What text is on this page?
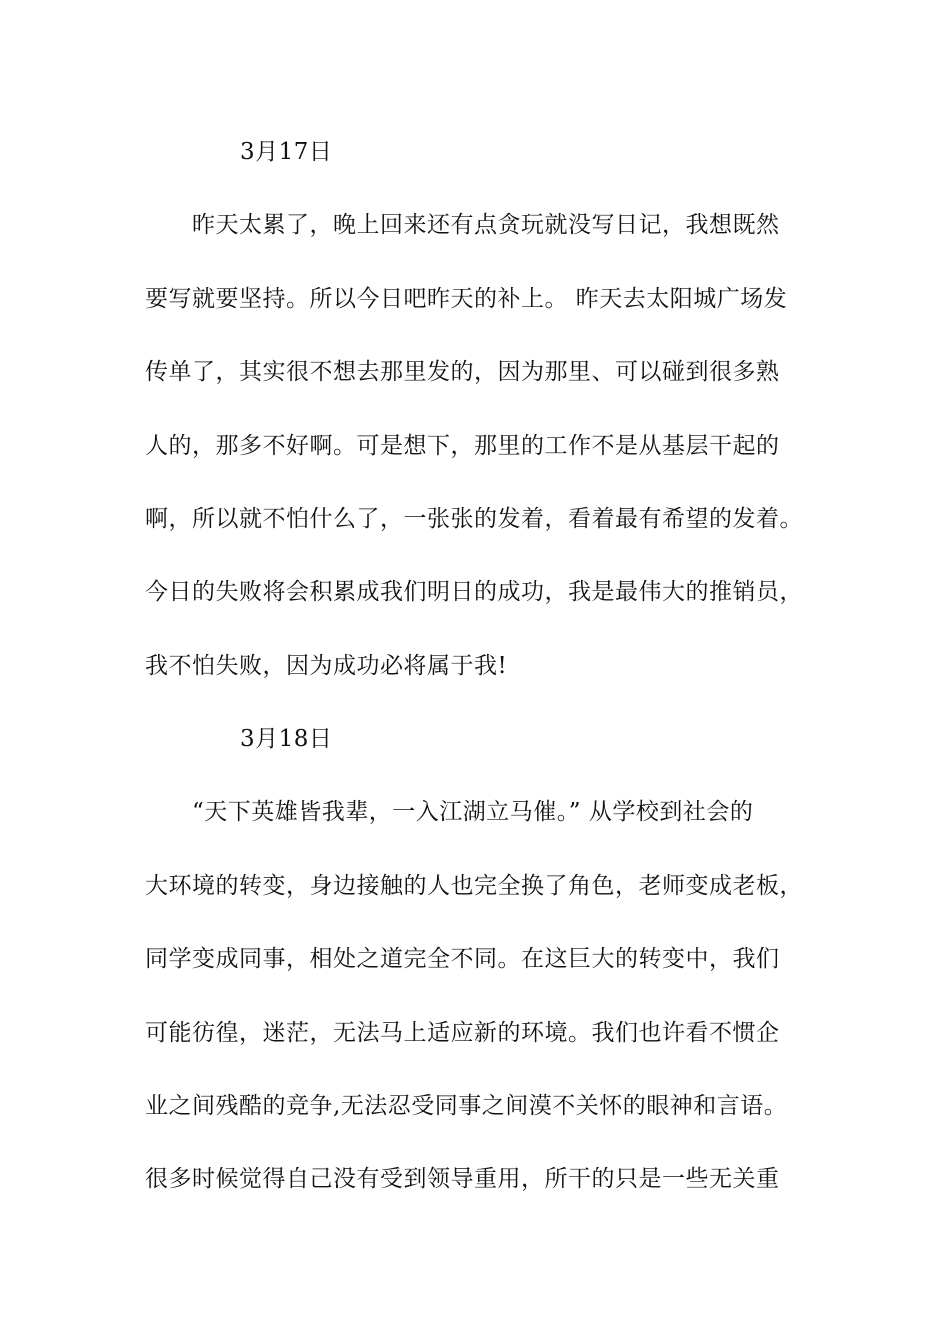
3月17日
昨天太累了，晚上回来还有点贪玩就没写日记，我想既然
要写就要坚持。所以今日吧昨天的补上。 昨天去太阳城广场发
传单了，其实很不想去那里发的，因为那里、可以碰到很多熟
人的，那多不好啊。可是想下，那里的工作不是从基层干起的
啊，所以就不怕什么了，一张张的发着，看着最有希望的发着。
今日的失败将会积累成我们明日的成功，我是最伟大的推销员，
我不怕失败，因为成功必将属于我!
3月18日
“天下英雄皆我辈，一入江湖立马催。” 从学校到社会的
大环境的转变，身边接触的人也完全换了角色，老师变成老板，
同学变成同事，相处之道完全不同。在这巨大的转变中，我们
可能彷徨，迷茫，无法马上适应新的环境。我们也许看不惯企
业之间残酷的竞争,无法忍受同事之间漠不关怀的眼神和言语。
很多时候觉得自己没有受到领导重用，所干的只是一些无关重
